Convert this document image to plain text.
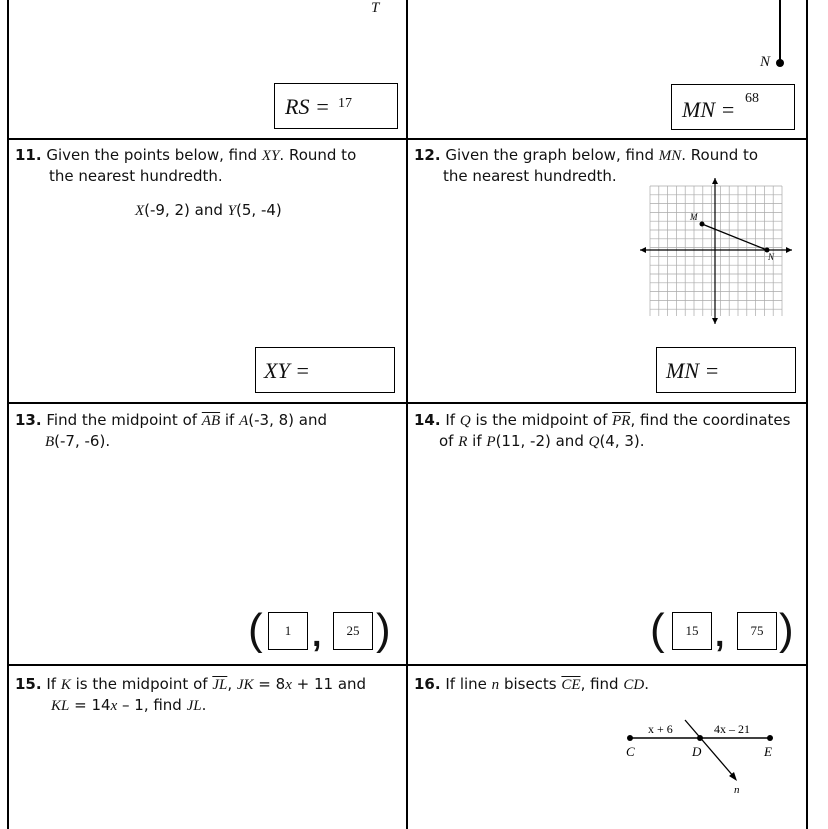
T
RS = 17
N
MN = 68
11. Given the points below, find XY. Round to
the nearest hundredth.
X(-9, 2) and Y(5, -4)
XY =
12. Given the graph below, find MN. Round to
the nearest hundredth.
M
N
MN =
13. Find the midpoint of $\overline{AB}$ if A(-3, 8) and
B(-7, -6).
(	1 ,	25 )
14. If Q is the midpoint of $\overline{PR}$, find the coordinates
of R if P(11, -2) and Q(4, 3).
(	15 ,	75 )
15. If K is the midpoint of $\overline{JL}$, JK = 8x + 11 and
KL = 14x – 1, find JL.
16. If line n bisects $\overline{CE}$, find CD.
x + 6	4x – 21
C	D	E
n
